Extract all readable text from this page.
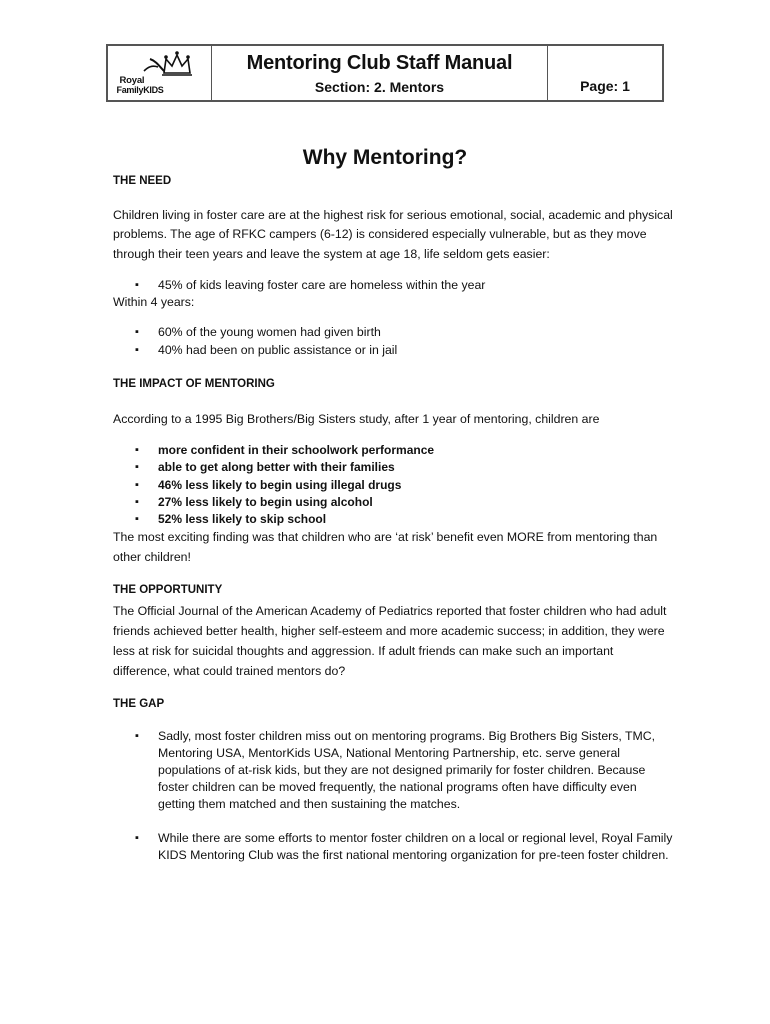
Royal
FamilyKIDS
Mentoring Club Staff Manual
Section: 2. Mentors	Page: 1
Why Mentoring?
THE NEED

Children living in foster care are at the highest risk for serious emotional, social, academic and physical problems. The age of RFKC campers (6-12) is considered especially vulnerable, but as they move through their teen years and leave the system at age 18, life seldom gets easier:

▪ 45% of kids leaving foster care are homeless within the year

Within 4 years:

▪ 60% of the young women had given birth
▪ 40% had been on public assistance or in jail
THE IMPACT OF MENTORING

According to a 1995 Big Brothers/Big Sisters study, after 1 year of mentoring, children are

▪ more confident in their schoolwork performance
▪ able to get along better with their families
▪ 46% less likely to begin using illegal drugs
▪ 27% less likely to begin using alcohol
▪ 52% less likely to skip school

The most exciting finding was that children who are ‘at risk’ benefit even MORE from mentoring than other children!

THE OPPORTUNITY

The Official Journal of the American Academy of Pediatrics reported that foster children who had adult friends achieved better health, higher self-esteem and more academic success; in addition, they were less at risk for suicidal thoughts and aggression. If adult friends can make such an important difference, what could trained mentors do?

THE GAP
▪ Sadly, most foster children miss out on mentoring programs. Big Brothers Big Sisters, TMC, Mentoring USA, MentorKids USA, National Mentoring Partnership, etc. serve general populations of at-risk kids, but they are not designed primarily for foster children. Because foster children can be moved frequently, the national programs often have difficulty even getting them matched and then sustaining the matches.
▪ While there are some efforts to mentor foster children on a local or regional level, Royal Family KIDS Mentoring Club was the first national mentoring organization for pre-teen foster children.
